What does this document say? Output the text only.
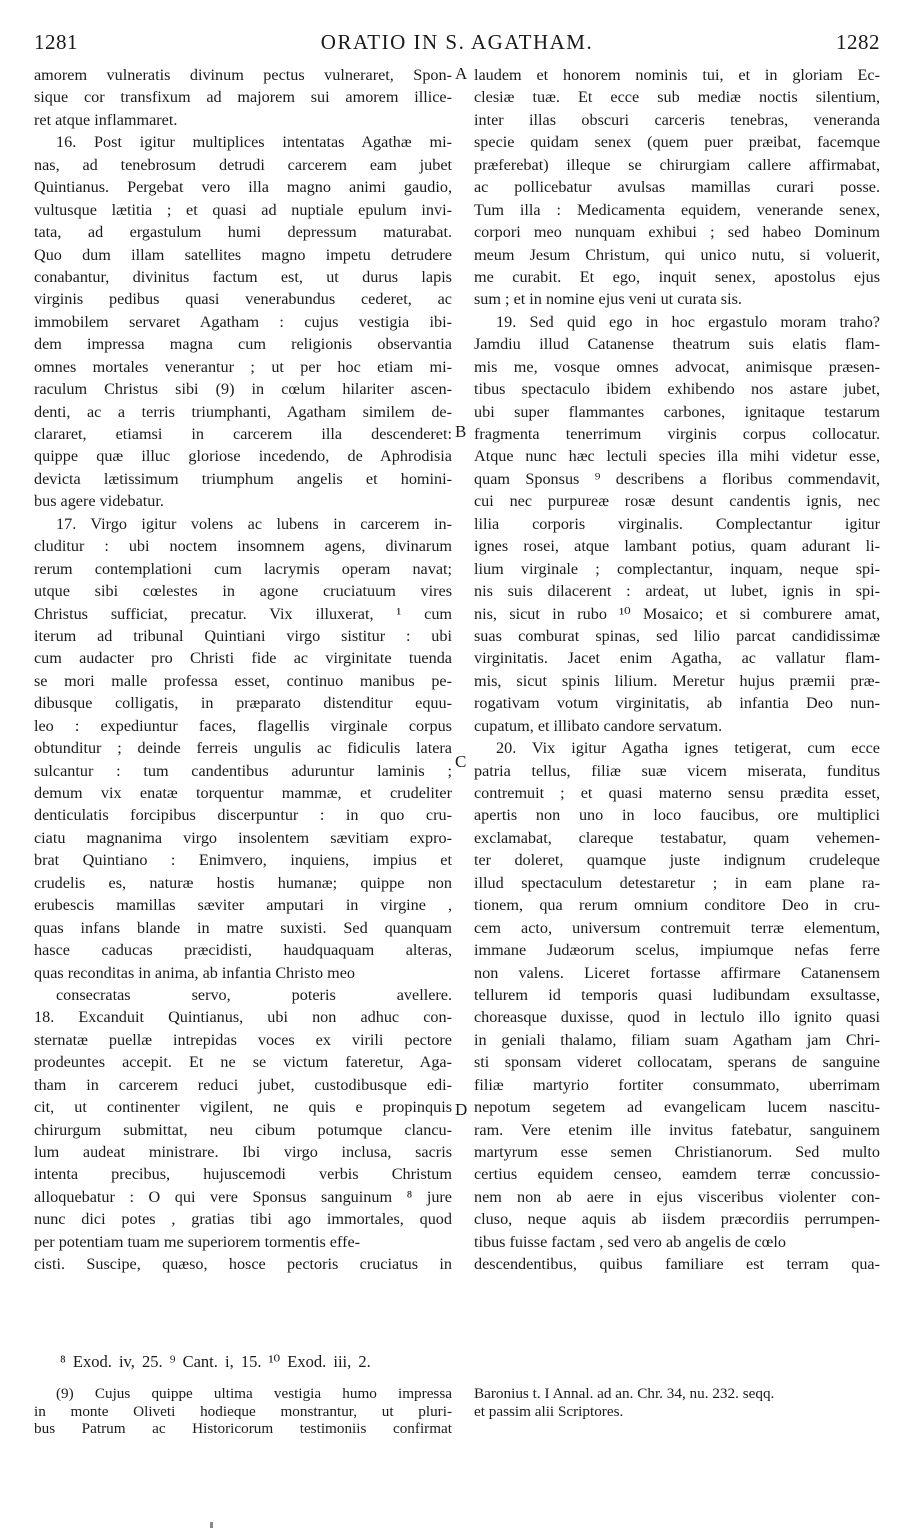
1281	ORATIO IN S. AGATHAM.	1282
amorem vulneratis divinum pectus vulneraret, Spon-
sique cor transfixum ad majorem sui amorem illice-
ret atque inflammaret.
16. Post igitur multiplices intentatas Agathæ mi-
nas, ad tenebrosum detrudi carcerem eam jubet
Quintianus. Pergebat vero illa magno animi gaudio,
vultusque lætitia ; et quasi ad nuptiale epulum invi-
tata, ad ergastulum humi depressum maturabat.
Quo dum illam satellites magno impetu detrudere
conabantur, divinitus factum est, ut durus lapis
virginis pedibus quasi venerabundus cederet, ac
immobilem servaret Agatham : cujus vestigia ibi-
dem impressa magna cum religionis observantia
omnes mortales venerantur ; ut per hoc etiam mi-
raculum Christus sibi (9) in cœlum hilariter ascen-
denti, ac a terris triumphanti, Agatham similem de-
clararet, etiamsi in carcerem illa descenderet:
quippe quæ illuc gloriose incedendo, de Aphrodisia
devicta lætissimum triumphum angelis et homini-
bus agere videbatur.
17. Virgo igitur volens ac lubens in carcerem in-
cluditur : ubi noctem insomnem agens, divinarum
rerum contemplationi cum lacrymis operam navat;
utque sibi cœlestes in agone cruciatuum vires
Christus sufficiat, precatur. Vix illuxerat, ¹ cum
iterum ad tribunal Quintiani virgo sistitur : ubi
cum audacter pro Christi fide ac virginitate tuenda
se mori malle professa esset, continuo manibus pe-
dibusque colligatis, in præparato distenditur equu-
leo : expediuntur faces, flagellis virginale corpus
obtunditur ; deinde ferreis ungulis ac fidiculis latera
sulcantur : tum candentibus aduruntur laminis ;
demum vix enatæ torquentur mammæ, et crudeliter
denticulatis forcipibus discerpuntur : in quo cru-
ciatu magnanima virgo insolentem sævitiam expro-
brat Quintiano : Enimvero, inquiens, impius et
crudelis es, naturæ hostis humanæ; quippe non
erubescis mamillas sæviter amputari in virgine ,
quas infans blande in matre suxisti. Sed quanquam
hasce caducas præcidisti, haudquaquam alteras,
quas reconditas in anima, ab infantia Christo meo
consecratas servo, poteris avellere.
18. Excanduit Quintianus, ubi non adhuc con-
sternatæ puellæ intrepidas voces ex virili pectore
prodeuntes accepit. Et ne se victum fateretur, Aga-
tham in carcerem reduci jubet, custodibusque edi-
cit, ut continenter vigilent, ne quis e propinquis
chirurgum submittat, neu cibum potumque clancu-
lum audeat ministrare. Ibi virgo inclusa, sacris
intenta precibus, hujuscemodi verbis Christum
alloquebatur : O qui vere Sponsus sanguinum ⁸ jure
nunc dici potes , gratias tibi ago immortales, quod
per potentiam tuam me superiorem tormentis effe-
cisti. Suscipe, quæso, hosce pectoris cruciatus in
laudem et honorem nominis tui, et in gloriam Ec-
clesiæ tuæ. Et ecce sub mediæ noctis silentium,
inter illas obscuri carceris tenebras, veneranda
specie quidam senex (quem puer præibat, facemque
præferebat) illeque se chirurgiam callere affirmabat,
ac pollicebatur avulsas mamillas curari posse.
Tum illa : Medicamenta equidem, venerande senex,
corpori meo nunquam exhibui ; sed habeo Dominum
meum Jesum Christum, qui unico nutu, si voluerit,
me curabit. Et ego, inquit senex, apostolus ejus
sum ; et in nomine ejus veni ut curata sis.
19. Sed quid ego in hoc ergastulo moram traho?
Jamdiu illud Catanense theatrum suis elatis flam-
mis me, vosque omnes advocat, animisque præsen-
tibus spectaculo ibidem exhibendo nos astare jubet,
ubi super flammantes carbones, ignitaque testarum
fragmenta tenerrimum virginis corpus collocatur.
Atque nunc hæc lectuli species illa mihi videtur esse,
quam Sponsus ⁹ describens a floribus commendavit,
cui nec purpureæ rosæ desunt candentis ignis, nec
lilia corporis virginalis. Complectantur igitur
ignes rosei, atque lambant potius, quam adurant li-
lium virginale ; complectantur, inquam, neque spi-
nis suis dilacerent : ardeat, ut lubet, ignis in spi-
nis, sicut in rubo ¹⁰ Mosaico; et si comburere amat,
suas comburat spinas, sed lilio parcat candidissimæ
virginitatis. Jacet enim Agatha, ac vallatur flam-
mis, sicut spinis lilium. Meretur hujus præmii præ-
rogativam votum virginitatis, ab infantia Deo nun-
cupatum, et illibato candore servatum.
20. Vix igitur Agatha ignes tetigerat, cum ecce
patria tellus, filiæ suæ vicem miserata, funditus
contremuit ; et quasi materno sensu prædita esset,
apertis non uno in loco faucibus, ore multiplici
exclamabat, clareque testabatur, quam vehemen-
ter doleret, quamque juste indignum crudeleque
illud spectaculum detestaretur ; in eam plane ra-
tionem, qua rerum omnium conditore Deo in cru-
cem acto, universum contremuit terræ elementum,
immane Judæorum scelus, impiumque nefas ferre
non valens. Liceret fortasse affirmare Catanensem
tellurem id temporis quasi ludibundam exsultasse,
choreasque duxisse, quod in lectulo illo ignito quasi
in geniali thalamo, filiam suam Agatham jam Chri-
sti sponsam videret collocatam, sperans de sanguine
filiæ martyrio fortiter consummato, uberrimam
nepotum segetem ad evangelicam lucem nascitu-
ram. Vere etenim ille invitus fatebatur, sanguinem
martyrum esse semen Christianorum. Sed multo
certius equidem censeo, eamdem terræ concussio-
nem non ab aere in ejus visceribus violenter con-
cluso, neque aquis ab iisdem præcordiis perrumpen-
tibus fuisse factam , sed vero ab angelis de cœlo
descendentibus, quibus familiare est terram qua-
A
B
C
D
⁸ Exod. iv, 25. ⁹ Cant. i, 15. ¹⁰ Exod. iii, 2.
(9) Cujus quippe ultima vestigia humo impressa
in monte Oliveti hodieque monstrantur, ut pluri-
bus Patrum ac Historicorum testimoniis confirmat
Baronius t. I Annal. ad an. Chr. 34, nu. 232. seqq.
et passim alii Scriptores.
